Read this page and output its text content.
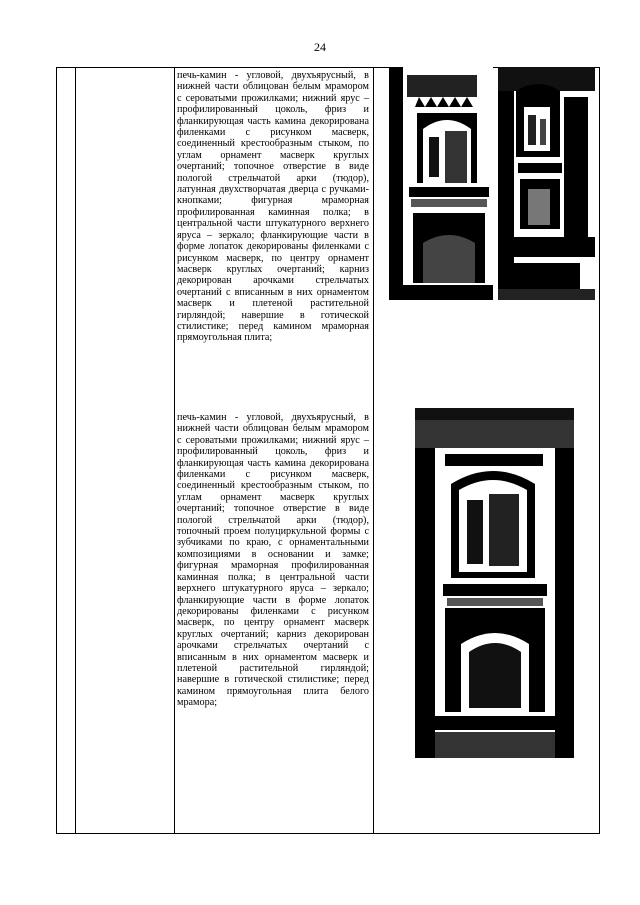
24
печь-камин - угловой, двухъярусный, в нижней части облицован белым мрамором с сероватыми прожилками; нижний ярус – профилированный цоколь, фриз и фланкирующая часть камина декорирована филенками с рисунком масверк, соединенный крестообразным стыком, по углам орнамент масверк круглых очертаний; топочное отверстие в виде пологой стрельчатой арки (тюдор), латунная двухстворчатая дверца с ручками-кнопками; фигурная мраморная профилированная каминная полка; в центральной части штукатурного верхнего яруса – зеркало; фланкирующие части в форме лопаток декорированы филенками с рисунком масверк, по центру орнамент масверк круглых очертаний; карниз декорирован арочками стрельчатых очертаний с вписанным в них орнаментом масверк и плетеной растительной гирляндой; навершие в готической стилистике; перед камином мраморная прямоугольная плита;
печь-камин - угловой, двухъярусный, в нижней части облицован белым мрамором с сероватыми прожилками; нижний ярус – профилированный цоколь, фриз и фланкирующая часть камина декорирована филенками с рисунком масверк, соединенный крестообразным стыком, по углам орнамент масверк круглых очертаний; топочное отверстие в виде пологой стрельчатой арки (тюдор), топочный проем полуциркульной формы с зубчиками по краю, с орнаментальными композициями в основании и замке; фигурная мраморная профилированная каминная полка; в центральной части верхнего штукатурного яруса – зеркало; фланкирующие части в форме лопаток декорированы филенками с рисунком масверк, по центру орнамент масверк круглых очертаний; карниз декорирован арочками стрельчатых очертаний с вписанным в них орнаментом масверк и плетеной растительной гирляндой; навершие в готической стилистике; перед камином прямоугольная плита белого мрамора;
